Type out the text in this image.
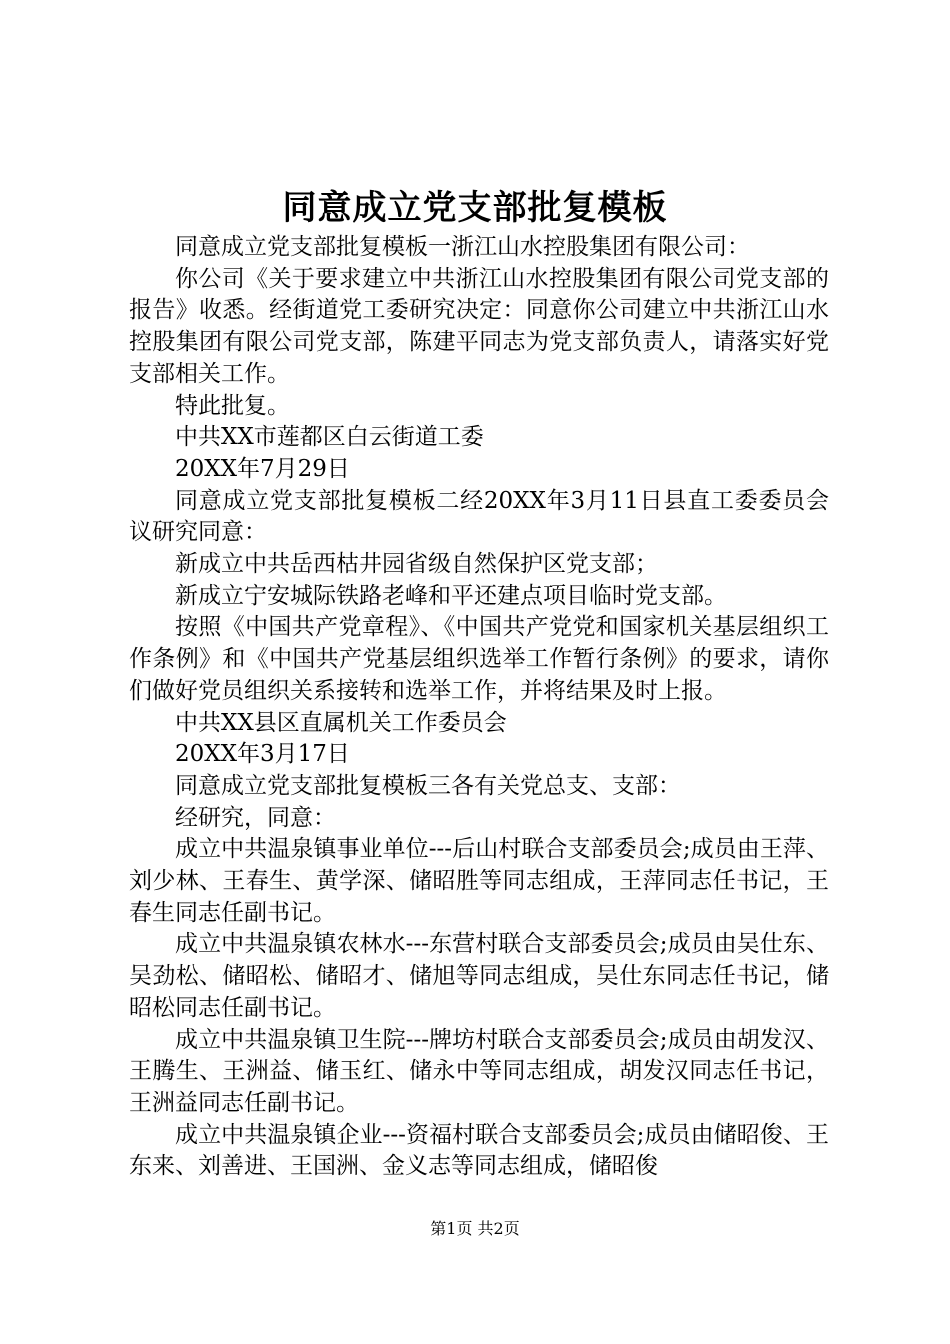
同意成立党支部批复模板

同意成立党支部批复模板一浙江山水控股集团有限公司：

你公司《关于要求建立中共浙江山水控股集团有限公司党支部的报告》收悉。经街道党工委研究决定：同意你公司建立中共浙江山水控股集团有限公司党支部，陈建平同志为党支部负责人，请落实好党支部相关工作。

特此批复。

中共XX市莲都区白云街道工委

20XX年7月29日

同意成立党支部批复模板二经20XX年3月11日县直工委委员会议研究同意：

新成立中共岳西枯井园省级自然保护区党支部；

新成立宁安城际铁路老峰和平还建点项目临时党支部。

按照《中国共产党章程》、《中国共产党党和国家机关基层组织工作条例》和《中国共产党基层组织选举工作暂行条例》的要求，请你们做好党员组织关系接转和选举工作，并将结果及时上报。

中共XX县区直属机关工作委员会

20XX年3月17日

同意成立党支部批复模板三各有关党总支、支部：

经研究，同意：

成立中共温泉镇事业单位---后山村联合支部委员会;成员由王萍、刘少林、王春生、黄学深、储昭胜等同志组成，王萍同志任书记，王春生同志任副书记。

成立中共温泉镇农林水---东营村联合支部委员会;成员由吴仕东、吴劲松、储昭松、储昭才、储旭等同志组成，吴仕东同志任书记，储昭松同志任副书记。

成立中共温泉镇卫生院---牌坊村联合支部委员会;成员由胡发汉、王腾生、王洲益、储玉红、储永中等同志组成，胡发汉同志任书记，王洲益同志任副书记。

成立中共温泉镇企业---资福村联合支部委员会;成员由储昭俊、王东来、刘善进、王国洲、金义志等同志组成，储昭俊

第1页 共2页
